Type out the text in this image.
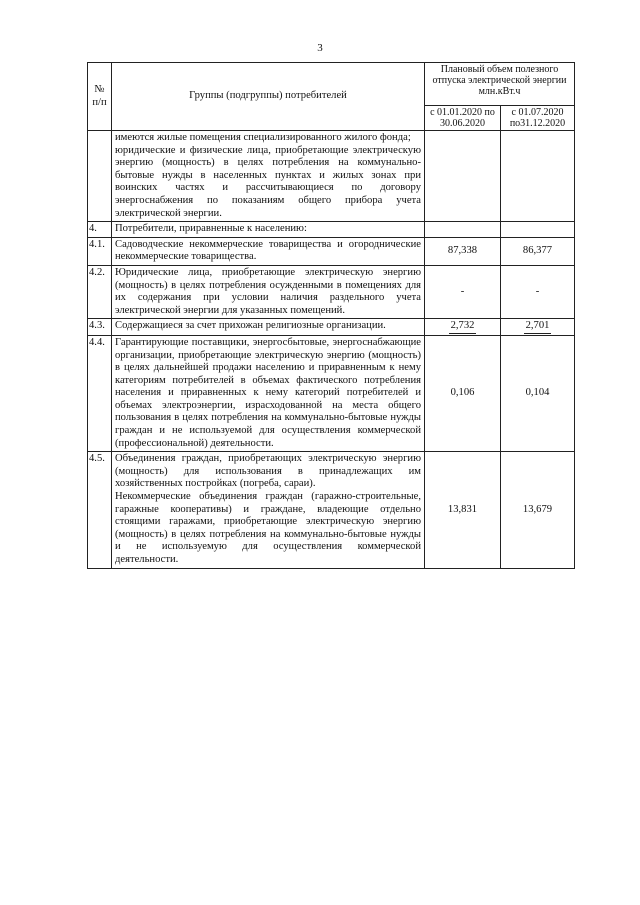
3
№ п/п	Группы (подгруппы) потребителей	Плановый объем полезного отпуска электрической энергии
млн.кВт.ч	
		с 01.01.2020 по 30.06.2020	с 01.07.2020 по31.12.2020

	имеются жилые помещения специализированного жилого фонда;
юридические и физические лица, приобретающие электрическую энергию (мощность) в целях потребления на коммунально-бытовые нужды в населенных пунктах и жилых зонах при воинских частях и рассчитывающиеся по договору энергоснабжения по показаниям общего прибора учета электрической энергии.		

4.	Потребители, приравненные к населению:		

4.1.	Садоводческие некоммерческие товарищества и огороднические некоммерческие товарищества.	87,338	86,377
4.2.	Юридические лица, приобретающие электрическую энергию (мощность) в целях потребления осужденными в помещениях для их содержания при условии наличия раздельного учета электрической энергии для указанных помещений.	-	-
4.3.	Содержащиеся за счет прихожан религиозные организации.	2,732	2,701
4.4.	Гарантирующие поставщики, энергосбытовые, энергоснабжающие организации, приобретающие электрическую энергию (мощность) в целях дальнейшей продажи населению и приравненным к нему категориям потребителей в объемах фактического потребления населения и приравненных к нему категорий потребителей и объемах электроэнергии, израсходованной на места общего пользования в целях потребления на коммунально-бытовые нужды граждан и не используемой для осуществления коммерческой (профессиональной) деятельности.	0,106	0,104
4.5.	Объединения граждан, приобретающих электрическую энергию (мощность) для использования в принадлежащих им хозяйственных постройках (погреба, сараи).
Некоммерческие объединения граждан (гаражно-строительные, гаражные кооперативы) и граждане, владеющие отдельно стоящими гаражами, приобретающие электрическую энергию (мощность) в целях потребления на коммунально-бытовые нужды и не используемую для осуществления коммерческой деятельности.	13,831	13,679
